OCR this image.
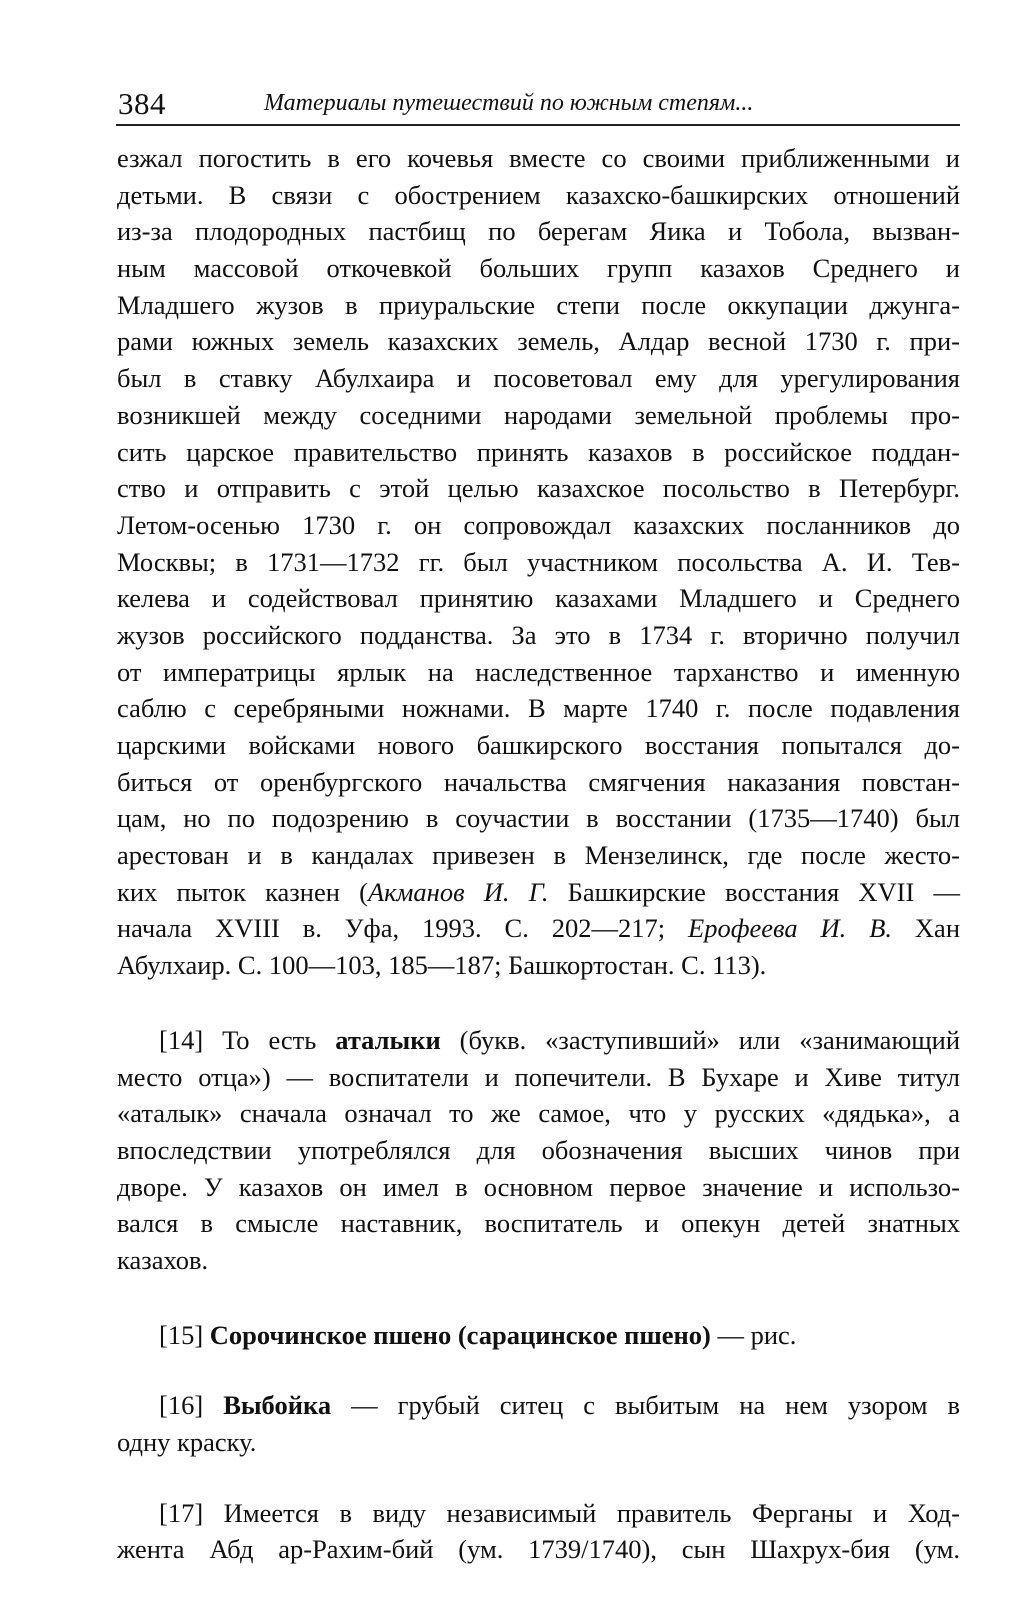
384	Материалы путешествий по южным степям...

езжал погостить в его кочевья вместе со своими приближенными и

детьми. В связи с обострением казахско-башкирских отношений

из-за плодородных пастбищ по берегам Яика и Тобола, вызван-

ным массовой откочевкой больших групп казахов Среднего и

Младшего жузов в приуральские степи после оккупации джунга-

рами южных земель казахских земель, Алдар весной 1730 г. при-

был в ставку Абулхаира и посоветовал ему для урегулирования

возникшей между соседними народами земельной проблемы про-

сить царское правительство принять казахов в российское поддан-

ство и отправить с этой целью казахское посольство в Петербург.

Летом-осенью 1730 г. он сопровождал казахских посланников до

Москвы; в 1731—1732 гг. был участником посольства А. И. Тев-

келева и содействовал принятию казахами Младшего и Среднего

жузов российского подданства. За это в 1734 г. вторично получил

от императрицы ярлык на наследственное тарханство и именную

саблю с серебряными ножнами. В марте 1740 г. после подавления

царскими войсками нового башкирского восстания попытался до-

биться от оренбургского начальства смягчения наказания повстан-

цам, но по подозрению в соучастии в восстании (1735—1740) был

арестован и в кандалах привезен в Мензелинск, где после жесто-

ких пыток казнен (Акманов И. Г. Башкирские восстания XVII —

начала XVIII в. Уфа, 1993. С. 202—217; Ерофеева И. В. Хан

Абулхаир. С. 100—103, 185—187; Башкортостан. С. 113).

[14] То есть аталыки (букв. «заступивший» или «занимающий

место отца») — воспитатели и попечители. В Бухаре и Хиве титул

«аталык» сначала означал то же самое, что у русских «дядька», а

впоследствии употреблялся для обозначения высших чинов при

дворе. У казахов он имел в основном первое значение и использо-

вался в смысле наставник, воспитатель и опекун детей знатных

казахов.

[15] Сорочинское пшено (сарацинское пшено) — рис.

[16] Выбойка — грубый ситец с выбитым на нем узором в

одну краску.

[17] Имеется в виду независимый правитель Ферганы и Ход-

жента Абд ар-Рахим-бий (ум. 1739/1740), сын Шахрух-бия (ум.
